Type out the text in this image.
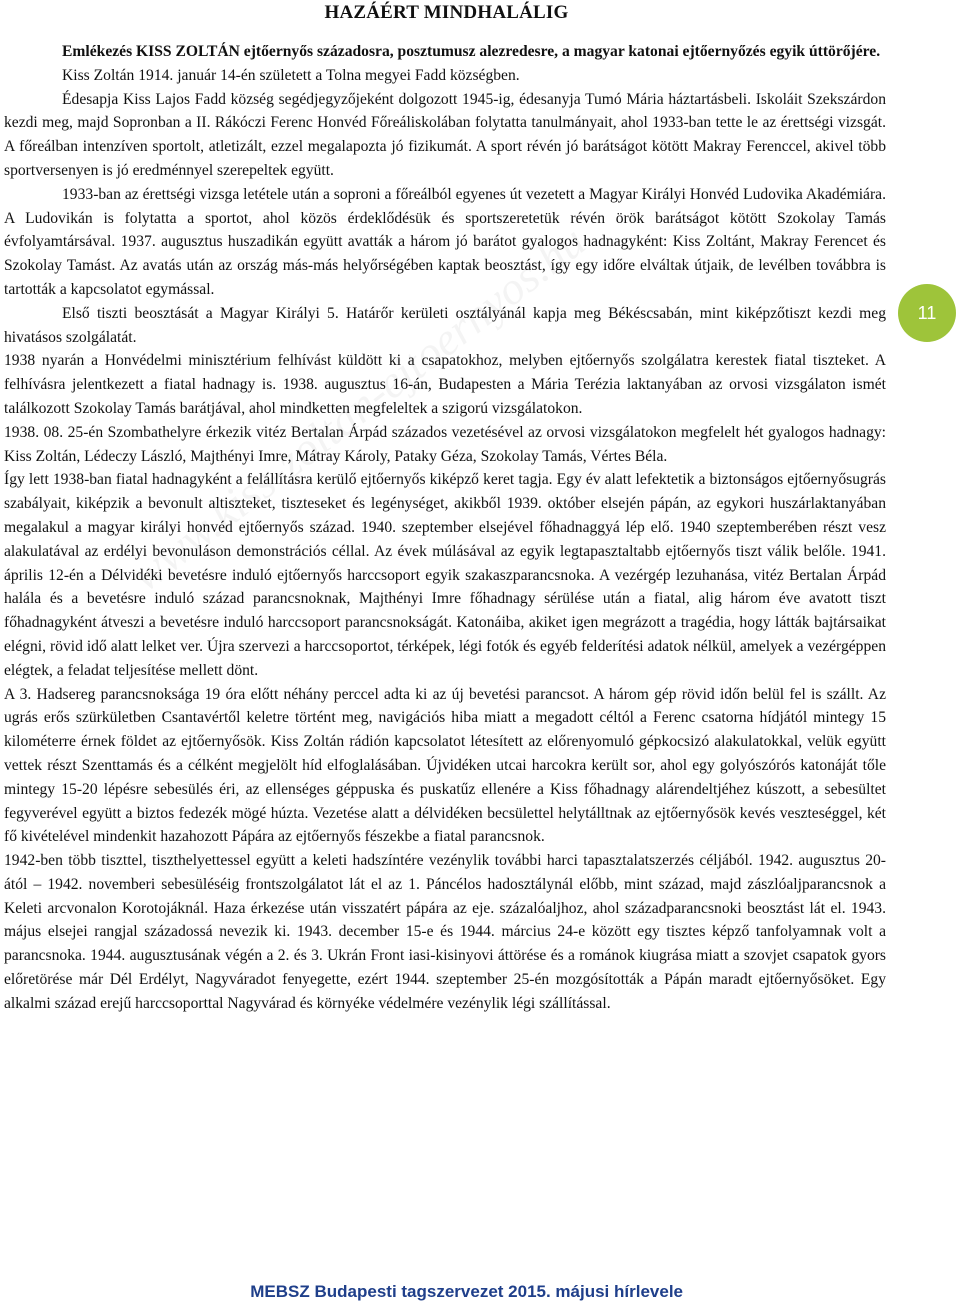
HAZÁÉRT MINDHALÁLIG

Emlékezés KISS ZOLTÁN ejtőernyős századosra, posztumusz alezredesre, a magyar katonai ejtőernyőzés egyik úttörőjére.

Kiss Zoltán 1914. január 14-én született a Tolna megyei Fadd községben.

Édesapja Kiss Lajos Fadd község segédjegyzőjeként dolgozott 1945-ig, édesanyja Tumó Mária háztartásbeli. Iskoláit Szekszárdon kezdi meg, majd Sopronban a II. Rákóczi Ferenc Honvéd Főreáliskolában folytatta tanulmányait, ahol 1933-ban tette le az érettségi vizsgát. A főreálban intenzíven sportolt, atletizált, ezzel megalapozta jó fizikumát. A sport révén jó barátságot kötött Makray Ferenccel, akivel több sportversenyen is jó eredménnyel szerepeltek együtt.

1933-ban az érettségi vizsga letétele után a soproni a főreálból egyenes út vezetett a Magyar Királyi Honvéd Ludovika Akadémiára. A Ludovikán is folytatta a sportot, ahol közös érdeklődésük és sportszeretetük révén örök barátságot kötött Szokolay Tamás évfolyamtársával. 1937. augusztus huszadikán együtt avatták a három jó barátot gyalogos hadnagyként: Kiss Zoltánt, Makray Ferencet és Szokolay Tamást. Az avatás után az ország más-más helyőrségében kaptak beosztást, így egy időre elváltak útjaik, de levélben továbbra is tartották a kapcsolatot egymással.

Első tiszti beosztását a Magyar Királyi 5. Határőr kerületi osztályánál kapja meg Békéscsabán, mint kiképzőtiszt kezdi meg hivatásos szolgálatát.

1938 nyarán a Honvédelmi minisztérium felhívást küldött ki a csapatokhoz, melyben ejtőernyős szolgálatra kerestek fiatal tiszteket. A felhívásra jelentkezett a fiatal hadnagy is. 1938. augusztus 16-án, Budapesten a Mária Terézia laktanyában az orvosi vizsgálaton ismét találkozott Szokolay Tamás barátjával, ahol mindketten megfeleltek a szigorú vizsgálatokon.

1938. 08. 25-én Szombathelyre érkezik vitéz Bertalan Árpád százados vezetésével az orvosi vizsgálatokon megfelelt hét gyalogos hadnagy: Kiss Zoltán, Lédeczy László, Majthényi Imre, Mátray Károly, Pataky Géza, Szokolay Tamás, Vértes Béla.

Így lett 1938-ban fiatal hadnagyként a felállításra kerülő ejtőernyős kiképző keret tagja. Egy év alatt lefektetik a biztonságos ejtőernyősugrás szabályait, kiképzik a bevonult altiszteket, tiszteseket és legénységet, akikből 1939. október elsején pápán, az egykori huszárlaktanyában megalakul a magyar királyi honvéd ejtőernyős század. 1940. szeptember elsejével főhadnaggyá lép elő. 1940 szeptemberében részt vesz alakulatával az erdélyi bevonuláson demonstrációs céllal. Az évek múlásával az egyik legtapasztaltabb ejtőernyős tiszt válik belőle. 1941. április 12-én a Délvidéki bevetésre induló ejtőernyős harccsoport egyik szakaszparancsnoka. A vezérgép lezuhanása, vitéz Bertalan Árpád halála és a bevetésre induló század parancsnoknak, Majthényi Imre főhadnagy sérülése után a fiatal, alig három éve avatott tiszt főhadnagyként átveszi a bevetésre induló harccsoport parancsnokságát. Katonáiba, akiket igen megrázott a tragédia, hogy látták bajtársaikat elégni, rövid idő alatt lelket ver. Újra szervezi a harccsoportot, térképek, légi fotók és egyéb felderítési adatok nélkül, amelyek a vezérgéppen elégtek, a feladat teljesítése mellett dönt.

A 3. Hadsereg parancsnoksága 19 óra előtt néhány perccel adta ki az új bevetési parancsot. A három gép rövid időn belül fel is szállt. Az ugrás erős szürkületben Csantavértől keletre történt meg, navigációs hiba miatt a megadott céltól a Ferenc csatorna hídjától mintegy 15 kilométerre érnek földet az ejtőernyősök. Kiss Zoltán rádión kapcsolatot létesített az előrenyomuló gépkocsizó alakulatokkal, velük együtt vettek részt Szenttamás és a célként megjelölt híd elfoglalásában. Újvidéken utcai harcokra került sor, ahol egy golyószórós katonáját tőle mintegy 15-20 lépésre sebesülés éri, az ellenséges géppuska és puskatűz ellenére a Kiss főhadnagy alárendeltjéhez kúszott, a sebesültet fegyverével együtt a biztos fedezék mögé húzta. Vezetése alatt a délvidéken becsülettel helytálltnak az ejtőernyősök kevés veszteséggel, két fő kivételével mindenkit hazahozott Pápára az ejtőernyős fészekbe a fiatal parancsnok.

1942-ben több tiszttel, tiszthelyettessel együtt a keleti hadszíntére vezénylik további harci tapasztalatszerzés céljából. 1942. augusztus 20-ától – 1942. novemberi sebesüléséig frontszolgálatot lát el az 1. Páncélos hadosztálynál előbb, mint század, majd zászlóaljparancsnok a Keleti arcvonalon Korotojáknál. Haza érkezése után visszatért pápára az eje. százalóaljhoz, ahol századparancsnoki beosztást lát el. 1943. május elsejei rangjal századossá nevezik ki. 1943. december 15-e és 1944. március 24-e között egy tisztes képző tanfolyamnak volt a parancsnoka. 1944. augusztusának végén a 2. és 3. Ukrán Front iasi-kisinyovi áttörése és a románok kiugrása miatt a szovjet csapatok gyors előretörése már Dél Erdélyt, Nagyváradot fenyegette, ezért 1944. szeptember 25-én mozgósították a Pápán maradt ejtőernyősöket. Egy alkalmi század erejű harccsoporttal Nagyvárad és környéke védelmére vezénylik légi szállítással.

11
MEBSZ Budapesti tagszervezet 2015. májusi hírlevele
